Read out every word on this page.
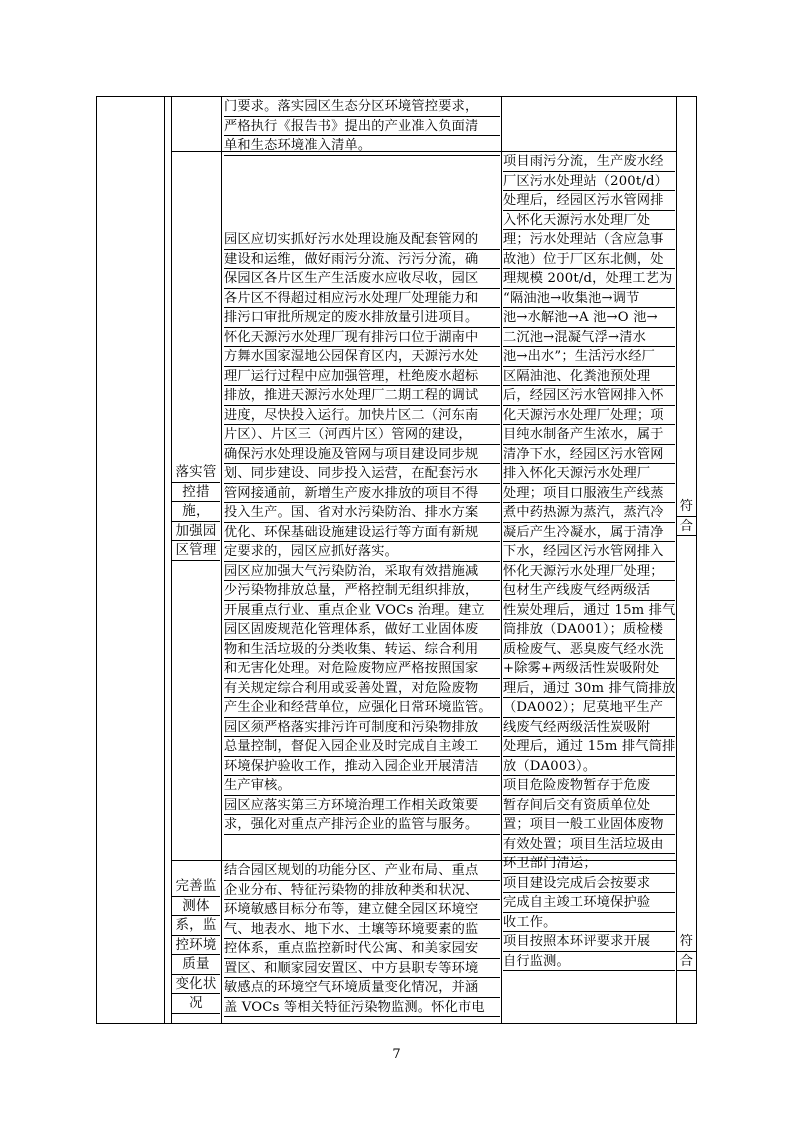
门要求。落实园区生态分区环境管控要求，
严格执行《报告书》提出的产业准入负面清
单和生态环境准入清单。
落实管
控措
施，
加强园
区管理
园区应切实抓好污水处理设施及配套管网的
建设和运维，做好雨污分流、污污分流，确
保园区各片区生产生活废水应收尽收，园区
各片区不得超过相应污水处理厂处理能力和
排污口审批所规定的废水排放量引进项目。
怀化天源污水处理厂现有排污口位于湖南中
方舞水国家湿地公园保育区内，天源污水处
理厂运行过程中应加强管理，杜绝废水超标
排放，推进天源污水处理厂二期工程的调试
进度，尽快投入运行。加快片区二（河东南
片区）、片区三（河西片区）管网的建设，
确保污水处理设施及管网与项目建设同步规
划、同步建设、同步投入运营，在配套污水
管网接通前，新增生产废水排放的项目不得
投入生产。国、省对水污染防治、排水方案
优化、环保基础设施建设运行等方面有新规
定要求的，园区应抓好落实。
园区应加强大气污染防治，采取有效措施减
少污染物排放总量，严格控制无组织排放，
开展重点行业、重点企业 VOCs 治理。建立
园区固废规范化管理体系，做好工业固体废
物和生活垃圾的分类收集、转运、综合利用
和无害化处理。对危险废物应严格按照国家
有关规定综合利用或妥善处置，对危险废物
产生企业和经营单位，应强化日常环境监管。
园区须严格落实排污许可制度和污染物排放
总量控制，督促入园企业及时完成自主竣工
环境保护验收工作，推动入园企业开展清洁
生产审核。
园区应落实第三方环境治理工作相关政策要
求，强化对重点产排污企业的监管与服务。
项目雨污分流，生产废水经
厂区污水处理站（200t/d）
处理后，经园区污水管网排
入怀化天源污水处理厂处
理；污水处理站（含应急事
故池）位于厂区东北侧，处
理规模 200t/d，处理工艺为
“隔油池→收集池→调节
池→水解池→A 池→O 池→
二沉池→混凝气浮→清水
池→出水”；生活污水经厂
区隔油池、化粪池预处理
后，经园区污水管网排入怀
化天源污水处理厂处理；项
目纯水制备产生浓水，属于
清净下水，经园区污水管网
排入怀化天源污水处理厂
处理；项目口服液生产线蒸
煮中药热源为蒸汽，蒸汽冷
凝后产生冷凝水，属于清净
下水，经园区污水管网排入
怀化天源污水处理厂处理；
包材生产线废气经两级活
性炭处理后，通过 15m 排气
筒排放（DA001）；质检楼
质检废气、恶臭废气经水洗
+除雾+两级活性炭吸附处
理后，通过 30m 排气筒排放
（DA002）；尼莫地平生产
线废气经两级活性炭吸附
处理后，通过 15m 排气筒排
放（DA003）。
项目危险废物暂存于危废
暂存间后交有资质单位处
置；项目一般工业固体废物
有效处置；项目生活垃圾由
环卫部门清运；
项目建设完成后会按要求
完成自主竣工环境保护验
收工作。
符
合
完善监
测体
系，监
控环境
质量
变化状
况
结合园区规划的功能分区、产业布局、重点
企业分布、特征污染物的排放种类和状况、
环境敏感目标分布等，建立健全园区环境空
气、地表水、地下水、土壤等环境要素的监
控体系，重点监控新时代公寓、和美家园安
置区、和顺家园安置区、中方县职专等环境
敏感点的环境空气环境质量变化情况，并涵
盖 VOCs 等相关特征污染物监测。怀化市电
项目按照本环评要求开展
自行监测。
符
合
7
